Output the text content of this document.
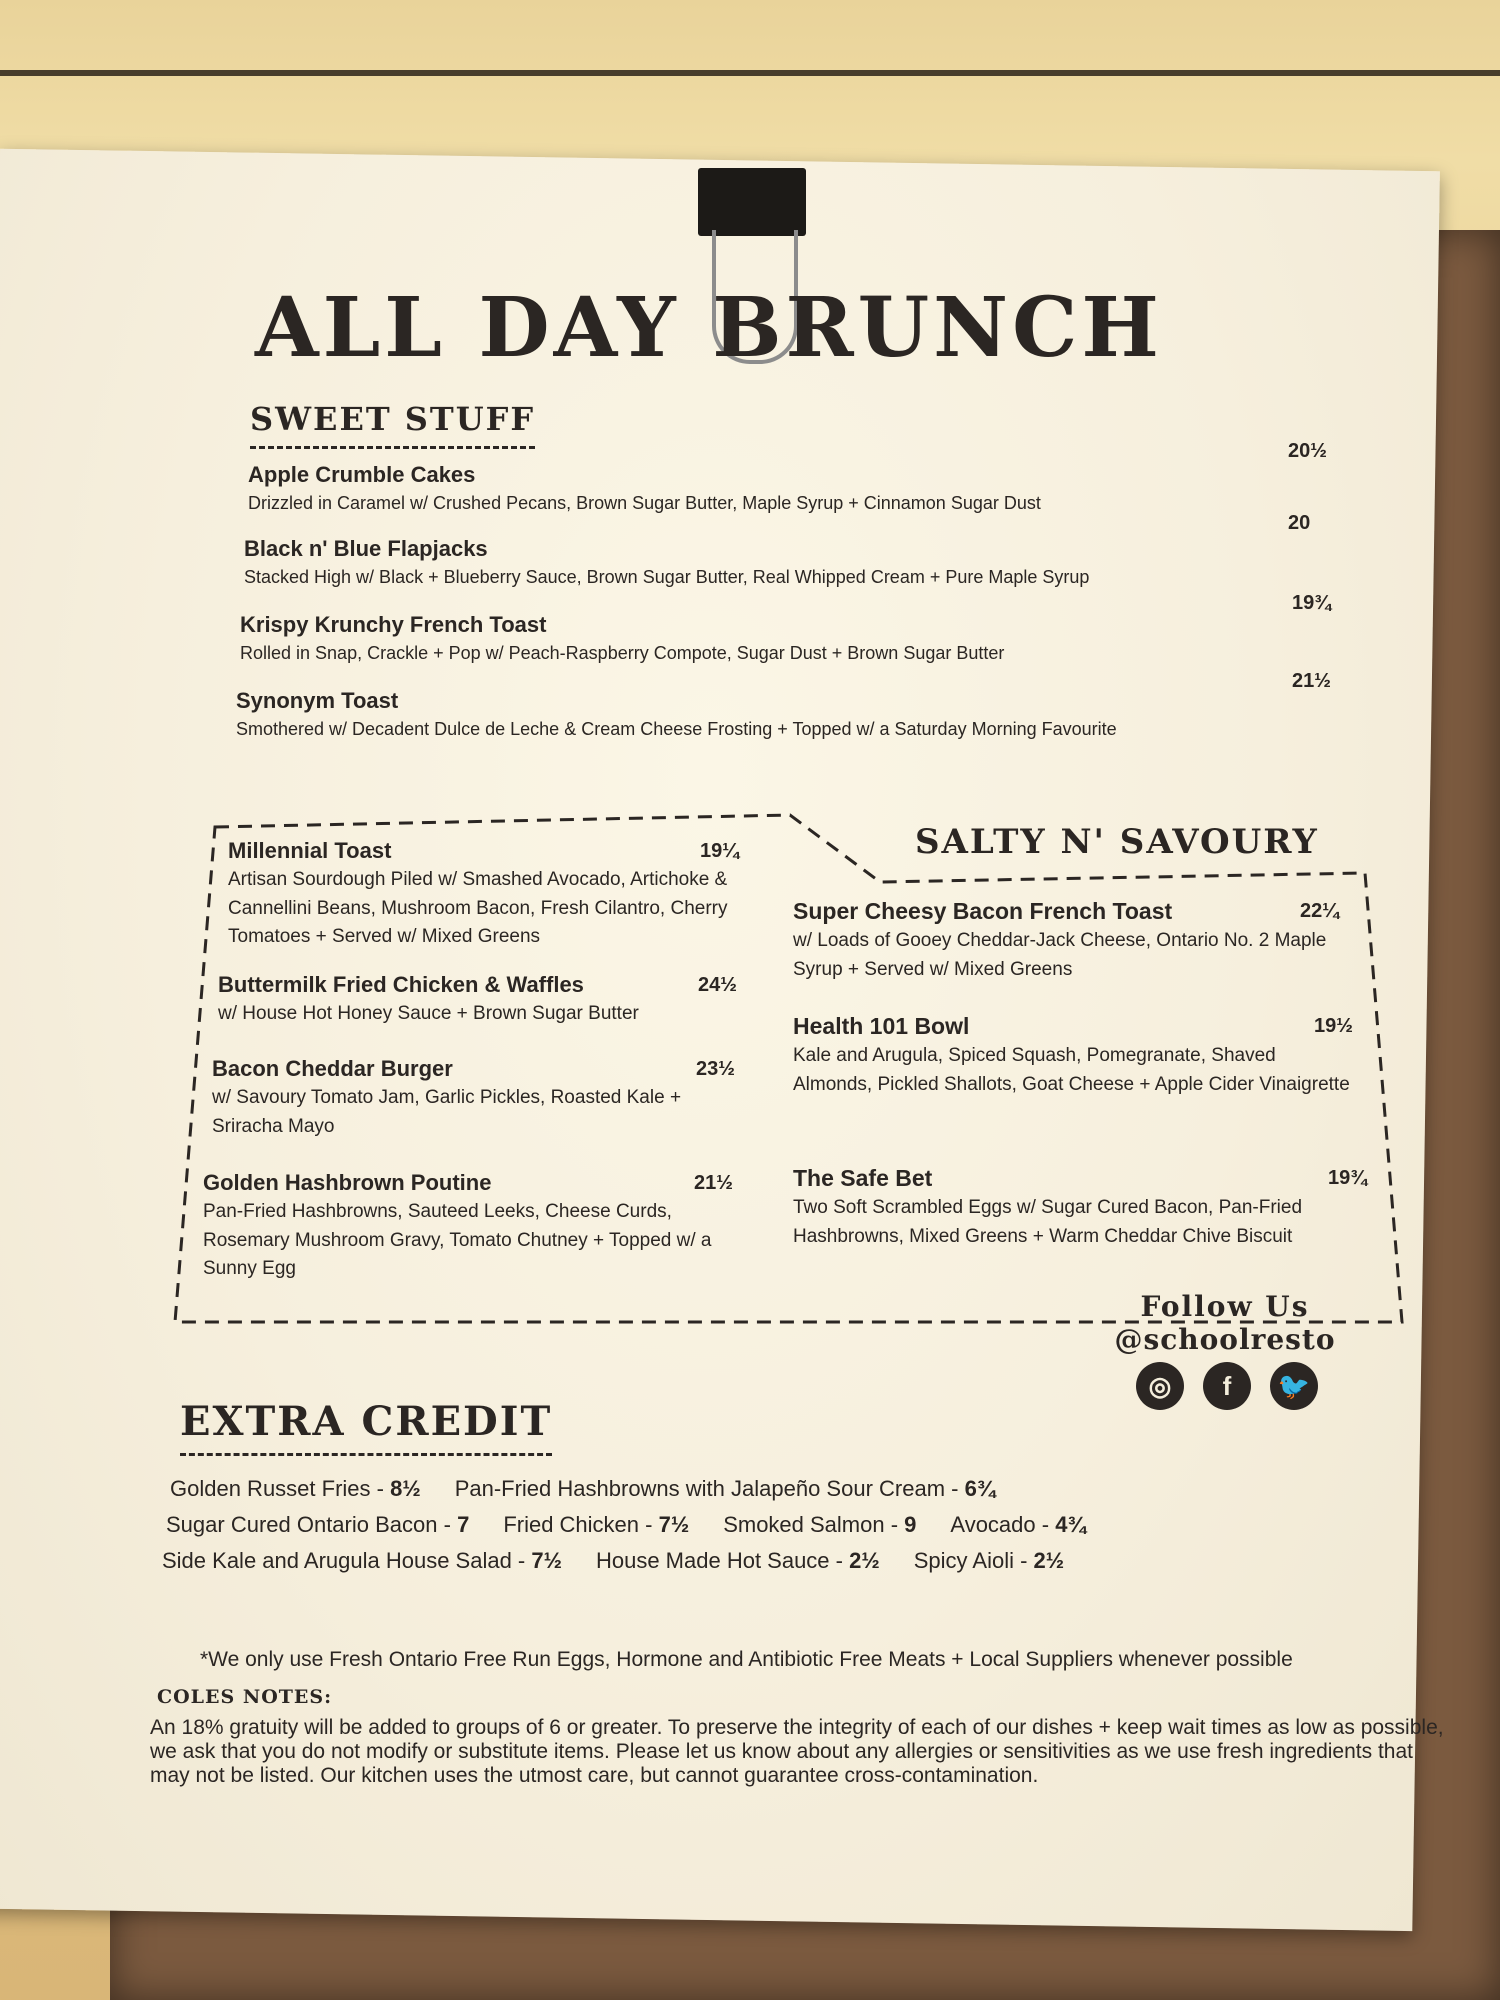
ALL DAY BRUNCH
SWEET STUFF
Apple Crumble Cakes
Drizzled in Caramel w/ Crushed Pecans, Brown Sugar Butter, Maple Syrup + Cinnamon Sugar Dust
20½
Black n' Blue Flapjacks
Stacked High w/ Black + Blueberry Sauce, Brown Sugar Butter, Real Whipped Cream + Pure Maple Syrup
20
Krispy Krunchy French Toast
Rolled in Snap, Crackle + Pop w/ Peach-Raspberry Compote, Sugar Dust + Brown Sugar Butter
19¾
Synonym Toast
Smothered w/ Decadent Dulce de Leche & Cream Cheese Frosting + Topped w/ a Saturday Morning Favourite
21½
SALTY N' SAVOURY
Millennial Toast
Artisan Sourdough Piled w/ Smashed Avocado, Artichoke & Cannellini Beans, Mushroom Bacon, Fresh Cilantro, Cherry Tomatoes + Served w/ Mixed Greens
19¼
Buttermilk Fried Chicken & Waffles
w/ House Hot Honey Sauce + Brown Sugar Butter
24½
Bacon Cheddar Burger
w/ Savoury Tomato Jam, Garlic Pickles, Roasted Kale + Sriracha Mayo
23½
Golden Hashbrown Poutine
Pan-Fried Hashbrowns, Sauteed Leeks, Cheese Curds, Rosemary Mushroom Gravy, Tomato Chutney + Topped w/ a Sunny Egg
21½
Super Cheesy Bacon French Toast
w/ Loads of Gooey Cheddar-Jack Cheese, Ontario No. 2 Maple Syrup + Served w/ Mixed Greens
22¼
Health 101 Bowl
Kale and Arugula, Spiced Squash, Pomegranate, Shaved Almonds, Pickled Shallots, Goat Cheese + Apple Cider Vinaigrette
19½
The Safe Bet
Two Soft Scrambled Eggs w/ Sugar Cured Bacon, Pan-Fried Hashbrowns, Mixed Greens + Warm Cheddar Chive Biscuit
19¾
Follow Us
@schoolresto
◎	f	🐦
EXTRA CREDIT
Golden Russet Fries - 8½ Pan-Fried Hashbrowns with Jalapeño Sour Cream - 6¾
Sugar Cured Ontario Bacon - 7 Fried Chicken - 7½ Smoked Salmon - 9 Avocado - 4¾
Side Kale and Arugula House Salad - 7½ House Made Hot Sauce - 2½ Spicy Aioli - 2½
*We only use Fresh Ontario Free Run Eggs, Hormone and Antibiotic Free Meats + Local Suppliers whenever possible
COLES NOTES:
An 18% gratuity will be added to groups of 6 or greater. To preserve the integrity of each of our dishes + keep wait times as low as possible, we ask that you do not modify or substitute items. Please let us know about any allergies or sensitivities as we use fresh ingredients that may not be listed. Our kitchen uses the utmost care, but cannot guarantee cross-contamination.
